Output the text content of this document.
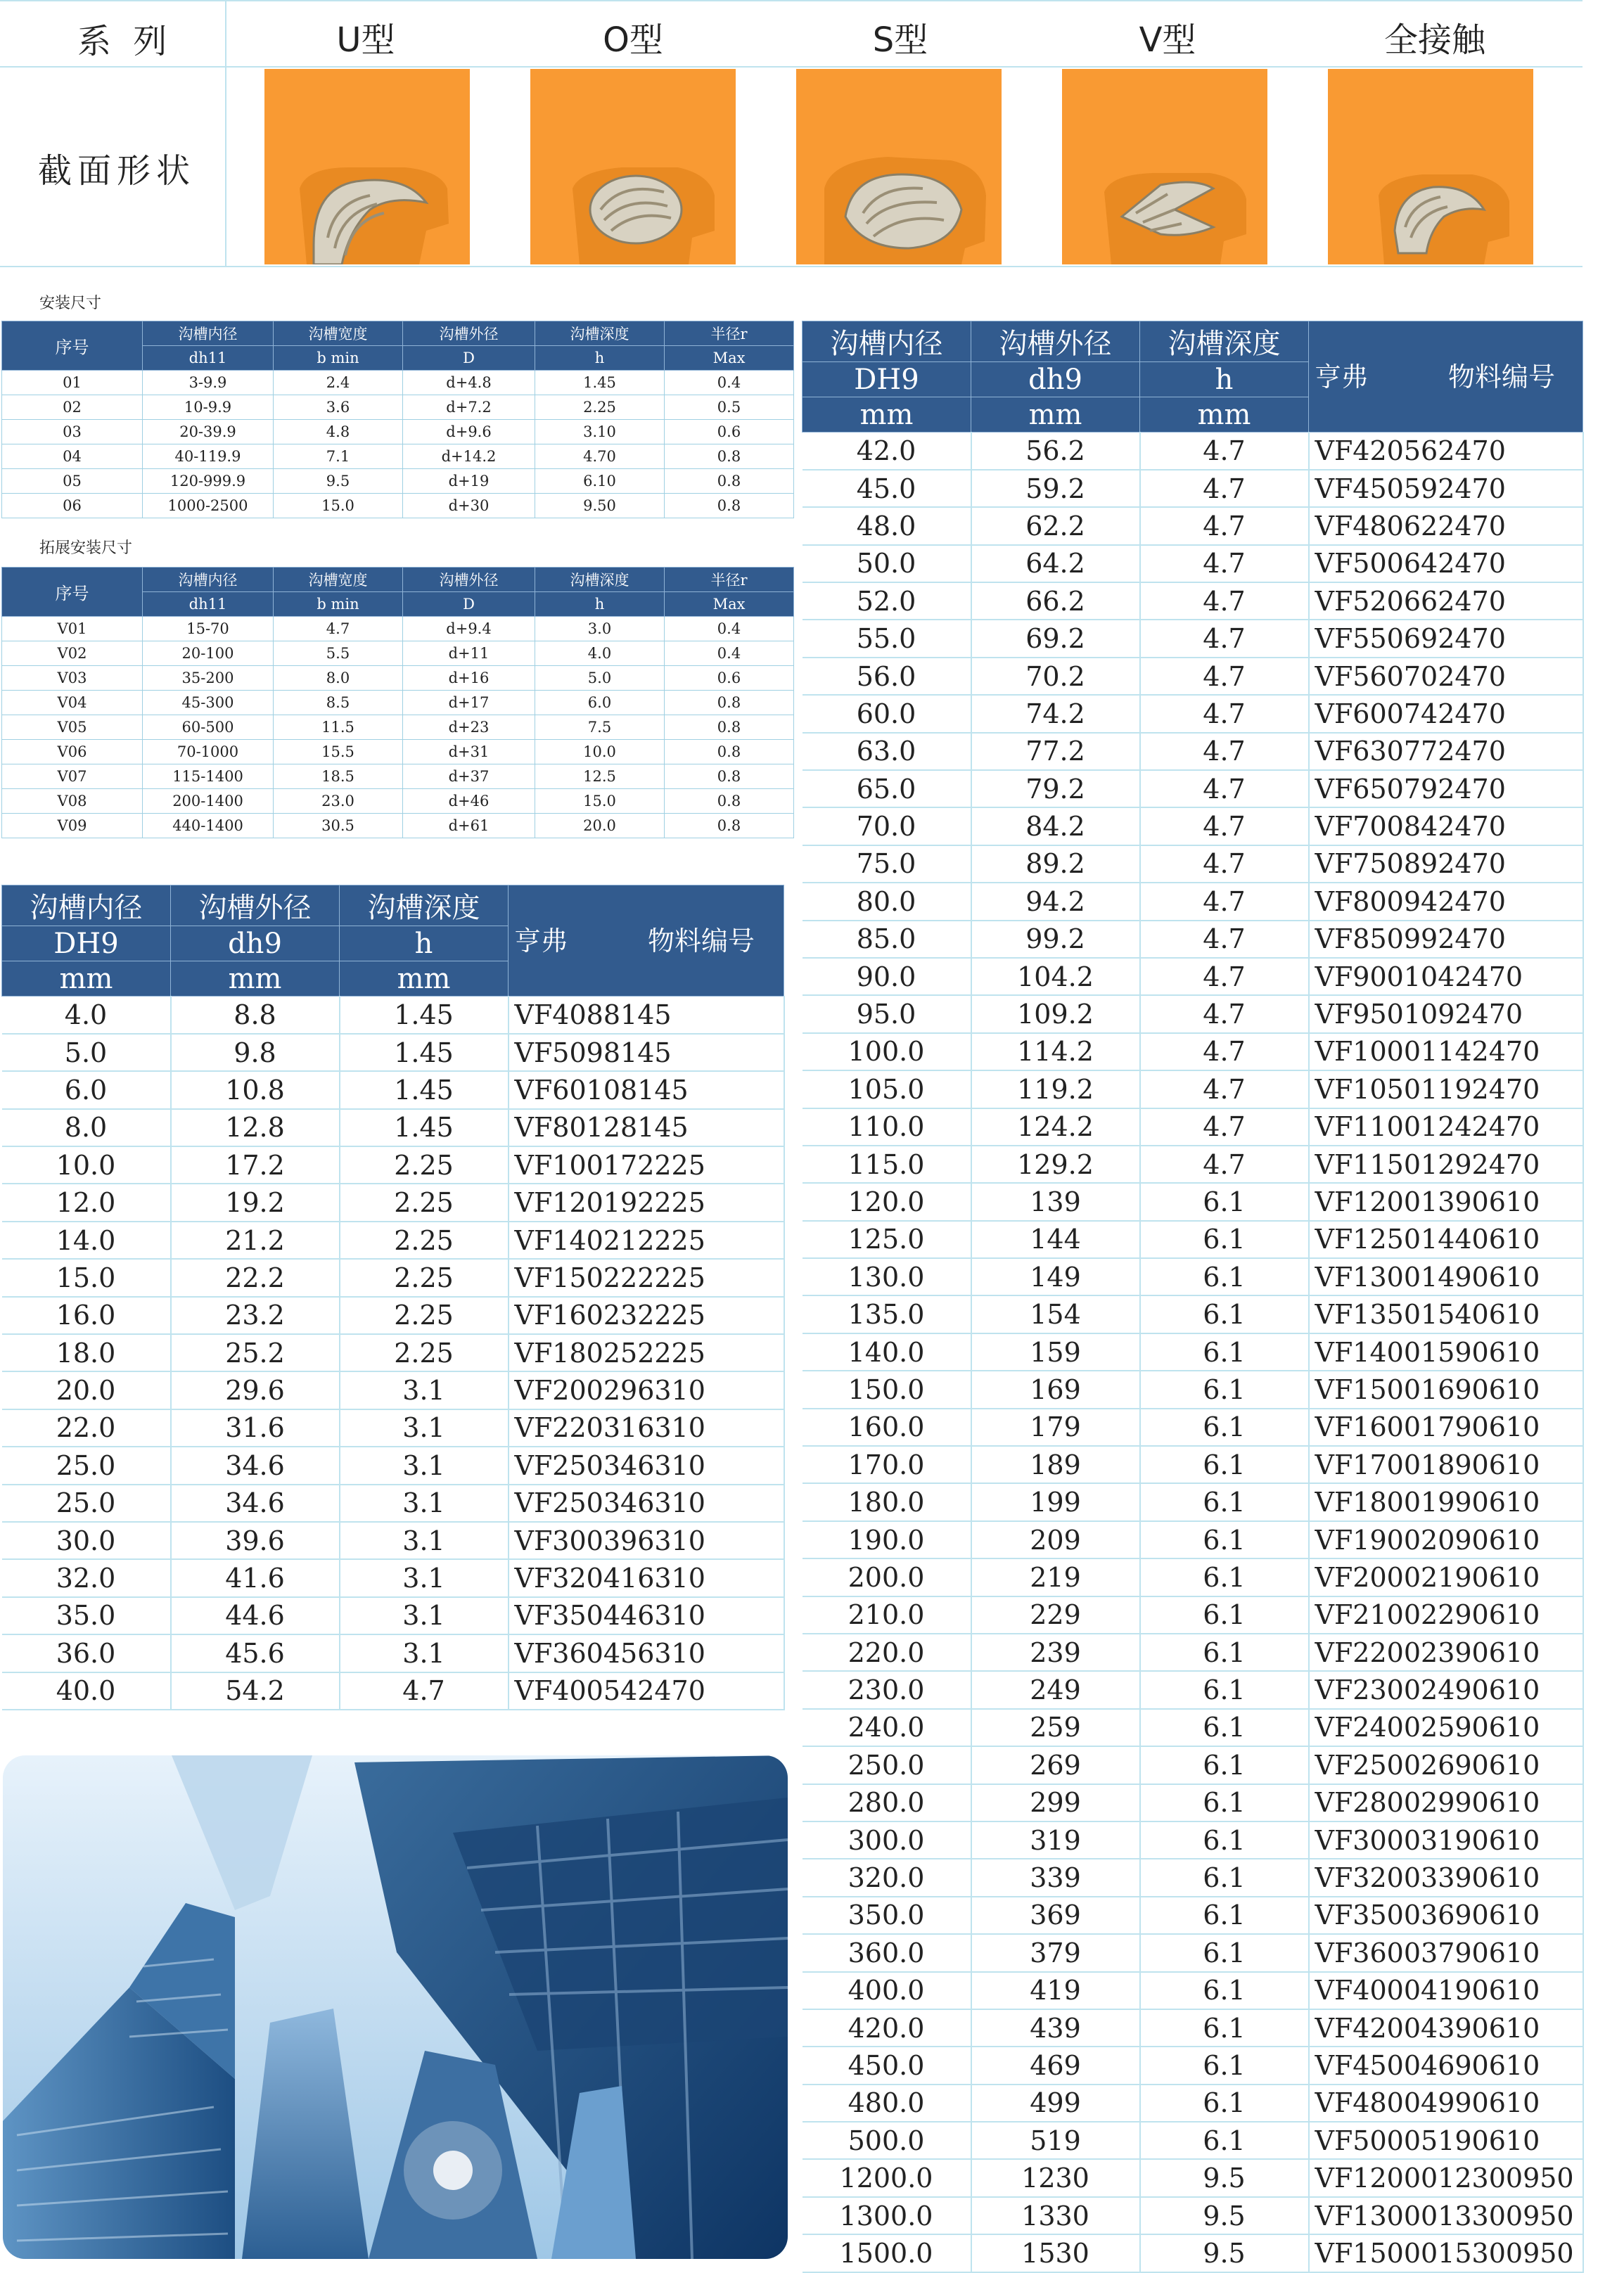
系 列
截面形状
U型	O型	S型	V型	全接触
安装尺寸
序号	沟槽内径	沟槽宽度	沟槽外径	沟槽深度	半径r
	dh11	b min	D	h	Max
01	3-9.9	2.4	d+4.8	1.45	0.4
02	10-9.9	3.6	d+7.2	2.25	0.5
03	20-39.9	4.8	d+9.6	3.10	0.6
04	40-119.9	7.1	d+14.2	4.70	0.8
05	120-999.9	9.5	d+19	6.10	0.8
06	1000-2500	15.0	d+30	9.50	0.8
拓展安装尺寸
序号	沟槽内径	沟槽宽度	沟槽外径	沟槽深度	半径r
	dh11	b min	D	h	Max
V01	15-70	4.7	d+9.4	3.0	0.4
V02	20-100	5.5	d+11	4.0	0.4
V03	35-200	8.0	d+16	5.0	0.6
V04	45-300	8.5	d+17	6.0	0.8
V05	60-500	11.5	d+23	7.5	0.8
V06	70-1000	15.5	d+31	10.0	0.8
V07	115-1400	18.5	d+37	12.5	0.8
V08	200-1400	23.0	d+46	15.0	0.8
V09	440-1400	30.5	d+61	20.0	0.8
沟槽内径	沟槽外径	沟槽深度	亨弗　　　物料编号
DH9	dh9	h	
mm	mm	mm	
4.0	8.8	1.45	VF4088145
5.0	9.8	1.45	VF5098145
6.0	10.8	1.45	VF60108145
8.0	12.8	1.45	VF80128145
10.0	17.2	2.25	VF100172225
12.0	19.2	2.25	VF120192225
14.0	21.2	2.25	VF140212225
15.0	22.2	2.25	VF150222225
16.0	23.2	2.25	VF160232225
18.0	25.2	2.25	VF180252225
20.0	29.6	3.1	VF200296310
22.0	31.6	3.1	VF220316310
25.0	34.6	3.1	VF250346310
25.0	34.6	3.1	VF250346310
30.0	39.6	3.1	VF300396310
32.0	41.6	3.1	VF320416310
35.0	44.6	3.1	VF350446310
36.0	45.6	3.1	VF360456310
40.0	54.2	4.7	VF400542470
沟槽内径	沟槽外径	沟槽深度	亨弗　　　物料编号
DH9	dh9	h	
mm	mm	mm	
42.0	56.2	4.7	VF420562470
45.0	59.2	4.7	VF450592470
48.0	62.2	4.7	VF480622470
50.0	64.2	4.7	VF500642470
52.0	66.2	4.7	VF520662470
55.0	69.2	4.7	VF550692470
56.0	70.2	4.7	VF560702470
60.0	74.2	4.7	VF600742470
63.0	77.2	4.7	VF630772470
65.0	79.2	4.7	VF650792470
70.0	84.2	4.7	VF700842470
75.0	89.2	4.7	VF750892470
80.0	94.2	4.7	VF800942470
85.0	99.2	4.7	VF850992470
90.0	104.2	4.7	VF9001042470
95.0	109.2	4.7	VF9501092470
100.0	114.2	4.7	VF10001142470
105.0	119.2	4.7	VF10501192470
110.0	124.2	4.7	VF11001242470
115.0	129.2	4.7	VF11501292470
120.0	139	6.1	VF12001390610
125.0	144	6.1	VF12501440610
130.0	149	6.1	VF13001490610
135.0	154	6.1	VF13501540610
140.0	159	6.1	VF14001590610
150.0	169	6.1	VF15001690610
160.0	179	6.1	VF16001790610
170.0	189	6.1	VF17001890610
180.0	199	6.1	VF18001990610
190.0	209	6.1	VF19002090610
200.0	219	6.1	VF20002190610
210.0	229	6.1	VF21002290610
220.0	239	6.1	VF22002390610
230.0	249	6.1	VF23002490610
240.0	259	6.1	VF24002590610
250.0	269	6.1	VF25002690610
280.0	299	6.1	VF28002990610
300.0	319	6.1	VF30003190610
320.0	339	6.1	VF32003390610
350.0	369	6.1	VF35003690610
360.0	379	6.1	VF36003790610
400.0	419	6.1	VF40004190610
420.0	439	6.1	VF42004390610
450.0	469	6.1	VF45004690610
480.0	499	6.1	VF48004990610
500.0	519	6.1	VF50005190610
1200.0	1230	9.5	VF1200012300950
1300.0	1330	9.5	VF1300013300950
1500.0	1530	9.5	VF1500015300950
